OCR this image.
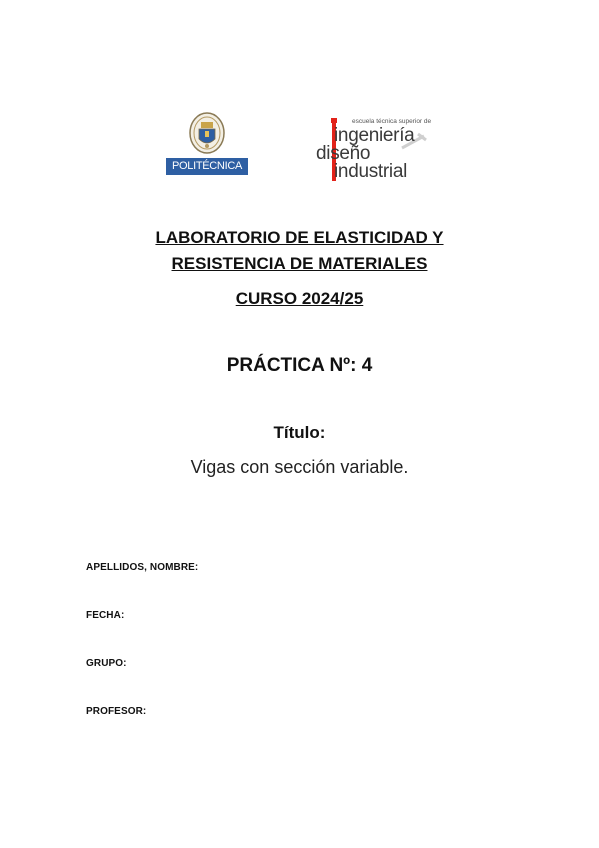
POLITÉCNICA
escuela técnica superior de
ingeniería
diseño
industrial
LABORATORIO DE ELASTICIDAD Y
RESISTENCIA DE MATERIALES
CURSO 2024/25
PRÁCTICA Nº: 4
Título:
Vigas con sección variable.
APELLIDOS, NOMBRE:
FECHA:
GRUPO:
PROFESOR:
